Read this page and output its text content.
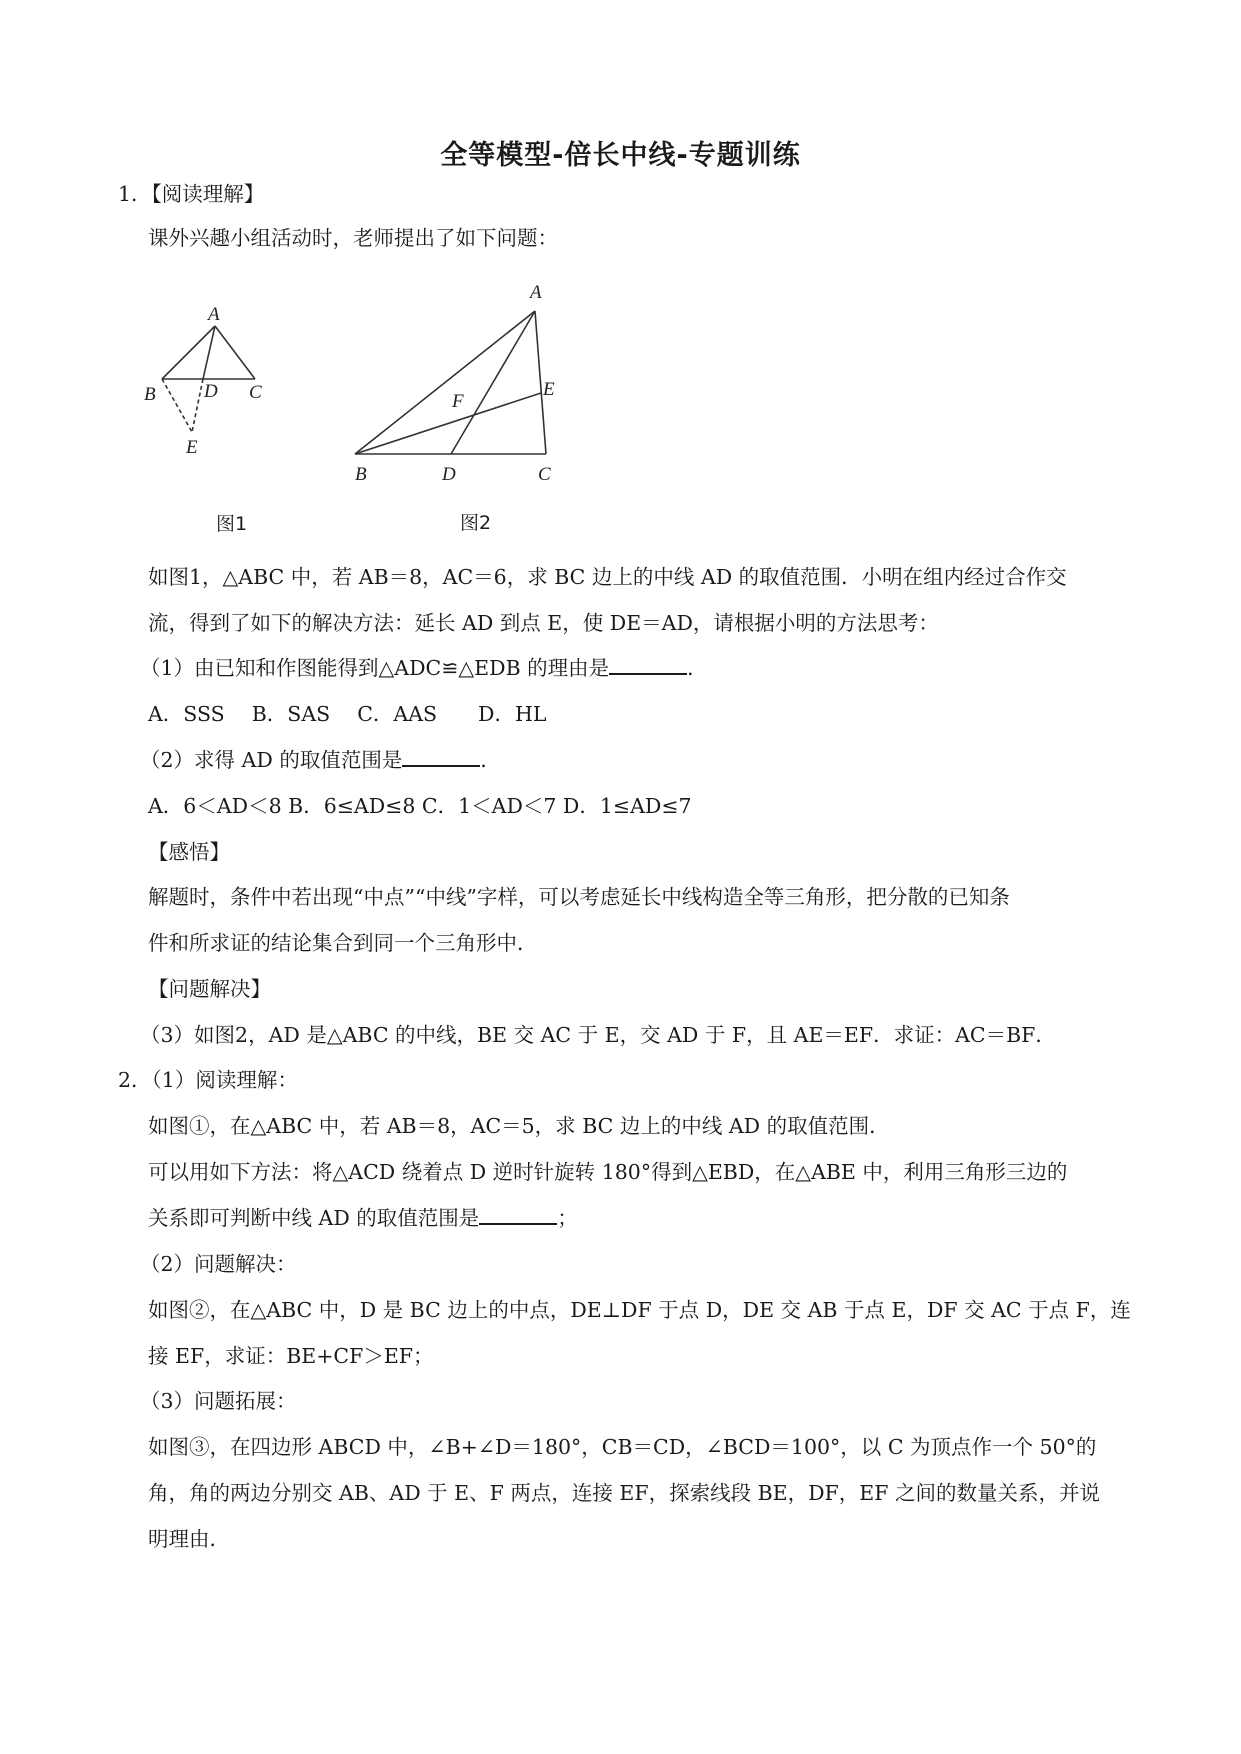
全等模型-倍长中线-专题训练
1．【阅读理解】
课外兴趣小组活动时，老师提出了如下问题：
A
B	D C
E
图1
A
E
F
B	D	C
图2
如图1，△ABC 中，若 AB＝8，AC＝6，求 BC 边上的中线 AD 的取值范围．小明在组内经过合作交
流，得到了如下的解决方法：延长 AD 到点 E，使 DE＝AD，请根据小明的方法思考：
（1）由已知和作图能得到△ADC≌△EDB 的理由是	．
A．SSS　 B．SAS　 C．AAS　　D．HL
（2）求得 AD 的取值范围是	．
A．6＜AD＜8 B．6≤AD≤8 C．1＜AD＜7 D．1≤AD≤7
【感悟】
解题时，条件中若出现“中点”“中线”字样，可以考虑延长中线构造全等三角形，把分散的已知条
件和所求证的结论集合到同一个三角形中．
【问题解决】
（3）如图2，AD 是△ABC 的中线，BE 交 AC 于 E，交 AD 于 F，且 AE＝EF．求证：AC＝BF．
2．（1）阅读理解：
如图①，在△ABC 中，若 AB＝8，AC＝5，求 BC 边上的中线 AD 的取值范围．
可以用如下方法：将△ACD 绕着点 D 逆时针旋转 180°得到△EBD，在△ABE 中，利用三角形三边的
关系即可判断中线 AD 的取值范围是	；
（2）问题解决：
如图②，在△ABC 中，D 是 BC 边上的中点，DE⊥DF 于点 D，DE 交 AB 于点 E，DF 交 AC 于点 F，连
接 EF，求证：BE+CF＞EF；
（3）问题拓展：
如图③，在四边形 ABCD 中，∠B+∠D＝180°，CB＝CD，∠BCD＝100°，以 C 为顶点作一个 50°的
角，角的两边分别交 AB、AD 于 E、F 两点，连接 EF，探索线段 BE，DF，EF 之间的数量关系，并说
明理由．
